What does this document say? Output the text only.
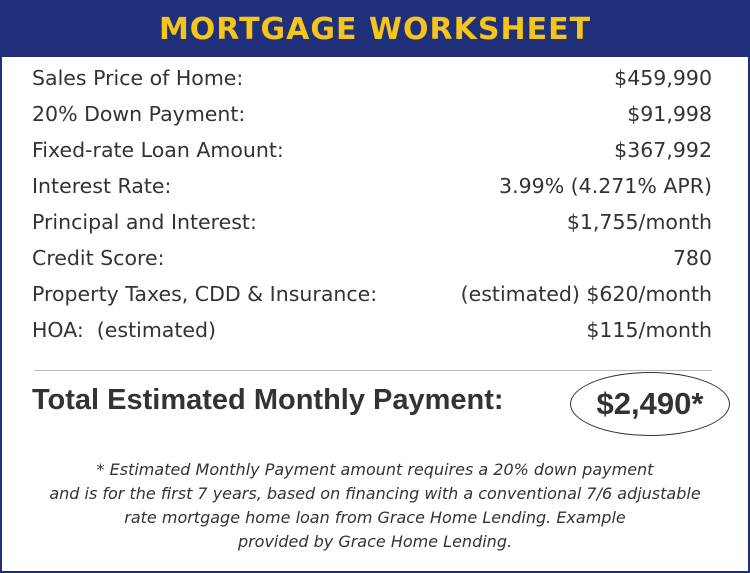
MORTGAGE WORKSHEET
Sales Price of Home:	$459,990
20% Down Payment:	$91,998
Fixed-rate Loan Amount:	$367,992
Interest Rate:	3.99% (4.271% APR)
Principal and Interest:	$1,755/month
Credit Score:	780
Property Taxes, CDD & Insurance:	(estimated) $620/month
HOA:  (estimated)	$115/month
Total Estimated Monthly Payment:	$2,490*
* Estimated Monthly Payment amount requires a 20% down payment
and is for the first 7 years, based on financing with a conventional 7/6 adjustable
rate mortgage home loan from Grace Home Lending. Example
provided by Grace Home Lending.
